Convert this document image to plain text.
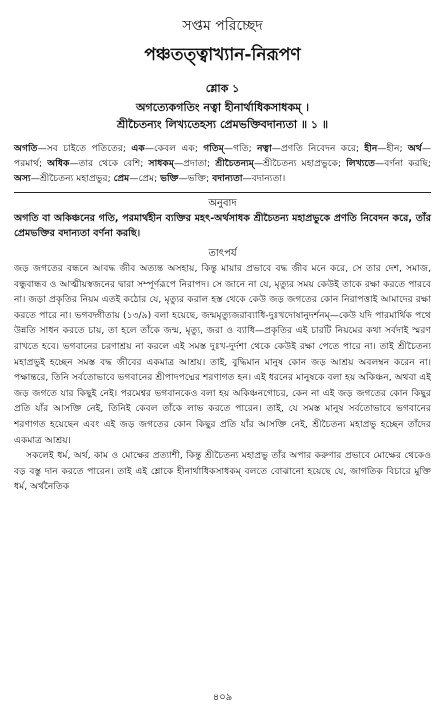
সপ্তম পরিচ্ছেদ
পঞ্চতত্ত্বাখ্যান-নিরূপণ
শ্লোক ১
অগত্যেকগতিং নত্বা হীনার্থাধিকসাধকম্ ।
শ্রীচৈতন্যং লিখ্যতেহস্য প্রেমভক্তিবদান্যতা ॥ ১ ॥
অগতি—সব চাইতে পতিতের; এক—কেবল এক; গতিম্—গতি; নত্বা—প্রণতি নিবেদন করে; হীন—হীন; অর্থ—পরমার্থ; অধিক—তার থেকে বেশি; সাধকম্—প্রদাতা; শ্রীচৈতন্যম্—শ্রীচৈতন্য মহাপ্রভুকে; লিখ্যতে—বর্ণনা করছি; অস্য—শ্রীচৈতন্য মহাপ্রভুর; প্রেম—প্রেম; ভক্তি—ভক্তি; বদান্যতা—বদান্যতা।
অনুবাদ
অগতি বা অকিঞ্চনের গতি, পরমার্থহীন ব্যক্তির মহৎ-অর্থসাধক শ্রীচৈতন্য মহাপ্রভুকে প্রণতি নিবেদন করে, তাঁর প্রেমভক্তির বদান্যতা বর্ণনা করছি।
তাৎপর্য

জড় জগতের বন্ধনে আবদ্ধ জীব অত্যন্ত অসহায়, কিন্তু মায়ার প্রভাবে বদ্ধ জীব মনে করে, সে তার দেশ, সমাজ, বন্ধুবান্ধব ও আত্মীয়স্বজনের দ্বারা সম্পূর্ণরূপে নিরাপদ। সে জানে না যে, মৃত্যুর সময় কেউই তাকে রক্ষা করতে পারবে না। জড়া প্রকৃতির নিয়ম এতই কঠোর যে, মৃত্যুর করাল হস্ত থেকে কেউ জড় জগতের কোন নিরাপত্তাই আমাদের রক্ষা করতে পারে না। ভগবদ্গীতায় (১৩/৯) বলা হয়েছে, জন্মমৃত্যুজরাব্যাধি-দুঃখদোষানুদর্শনম্—কেউ যদি পারমার্থিক পথে উন্নতি সাধন করতে চায়, তা হলে তাঁকে জন্ম, মৃত্যু, জরা ও ব্যাধি—প্রকৃতির এই চারটি নিয়মের কথা সর্বদাই স্মরণ রাখতে হবে। ভগবানের চরণাশ্রয় না করলে এই সমস্ত দুঃখ-দুর্দশা থেকে কেউই রক্ষা পেতে পারে না। তাই শ্রীচৈতন্য মহাপ্রভুই হচ্ছেন সমস্ত বদ্ধ জীবের একমাত্র আশ্রয়। তাই, বুদ্ধিমান মানুষ কোন জড় আশ্রয় অবলম্বন করেন না। পক্ষান্তরে, তিনি সর্বতোভাবে ভগবানের শ্রীপাদপদ্মের শরণাগত হন। এই ধরনের মানুষকে বলা হয় অকিঞ্চন, অথবা এই জড় জগতে যার কিছুই নেই। পরমেশ্বর ভগবানকেও বলা হয় অকিঞ্চনগোচর, কেন না এই জড় জগতের কোন কিছুর প্রতি যাঁর আসক্তি নেই, তিনিই কেবল তাঁকে লাভ করতে পারেন। তাই, যে সমস্ত মানুষ সর্বতোভাবে ভগবানের শরণাগত হয়েছেন এবং এই জড় জগতের কোন কিছুর প্রতি যাঁর আসক্তি নেই, শ্রীচৈতন্য মহাপ্রভু হচ্ছেন তাঁদের একমাত্র আশ্রয়।

সকলেই ধর্ম, অর্থ, কাম ও মোক্ষের প্রত্যাশী, কিন্তু শ্রীচৈতন্য মহাপ্রভু তাঁর অপার করুণার প্রভাবে মোক্ষের থেকেও বড় বস্তু দান করতে পারেন। তাই এই শ্লোকে হীনার্থাধিকসাধকম্ বলতে বোঝানো হয়েছে যে, জাগতিক বিচারে মুক্তি ধর্ম, অর্থনৈতিক

৪০৯
